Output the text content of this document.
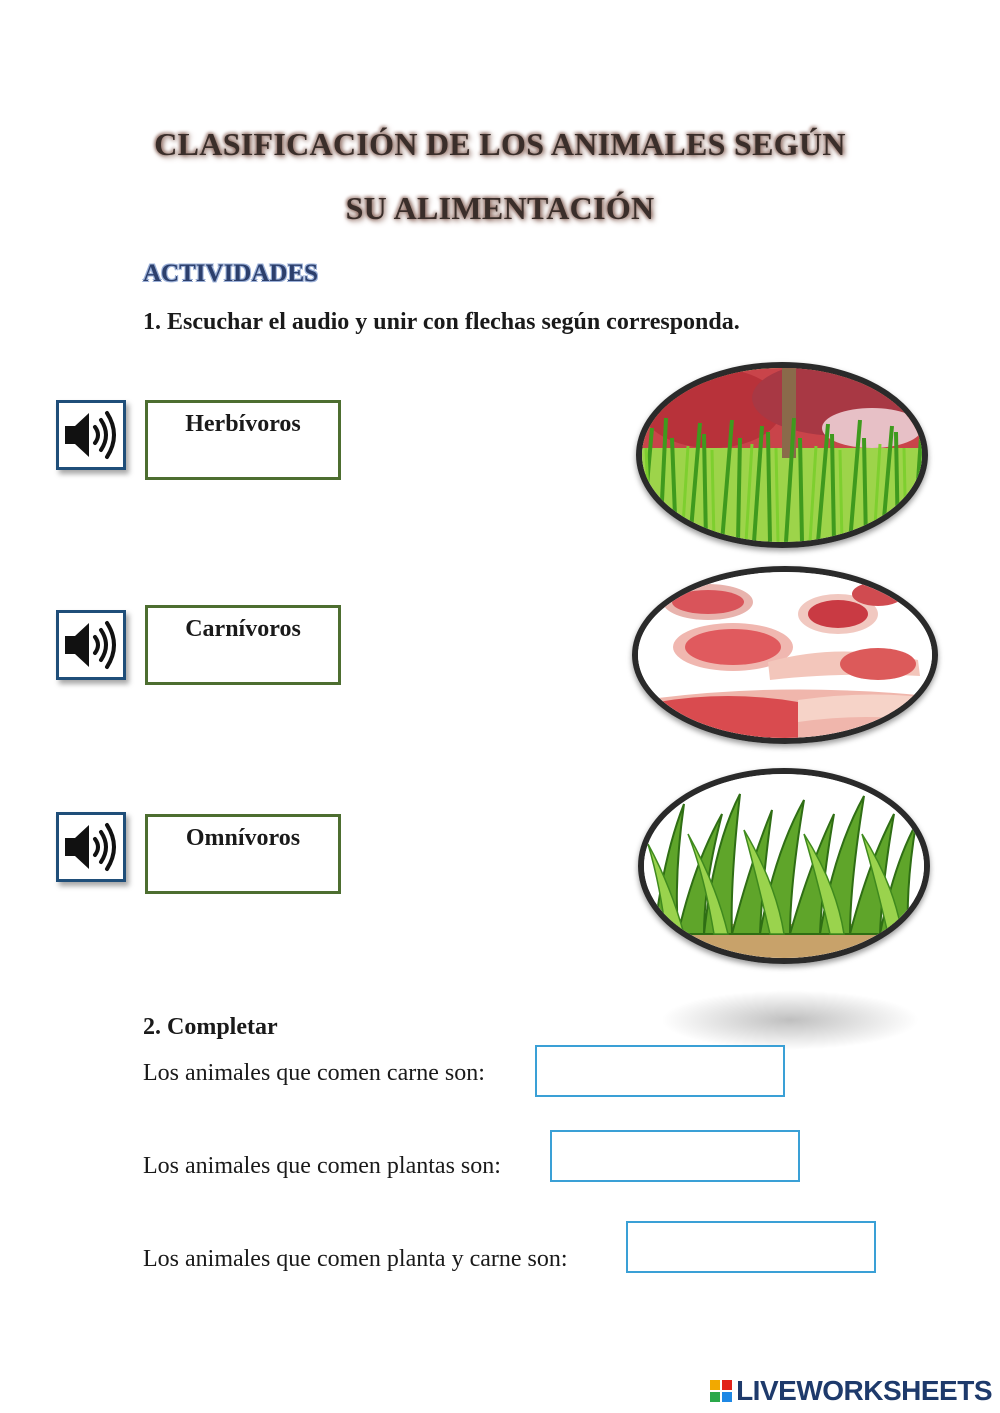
CLASIFICACIÓN DE LOS ANIMALES SEGÚN
SU ALIMENTACIÓN
ACTIVIDADES
1. Escuchar el audio y unir con flechas según corresponda.
Herbívoros
Carnívoros
Omnívoros
2. Completar
Los animales que comen carne son:
Los animales que comen plantas son:
Los animales que comen planta y carne son:
LIVEWORKSHEETS
